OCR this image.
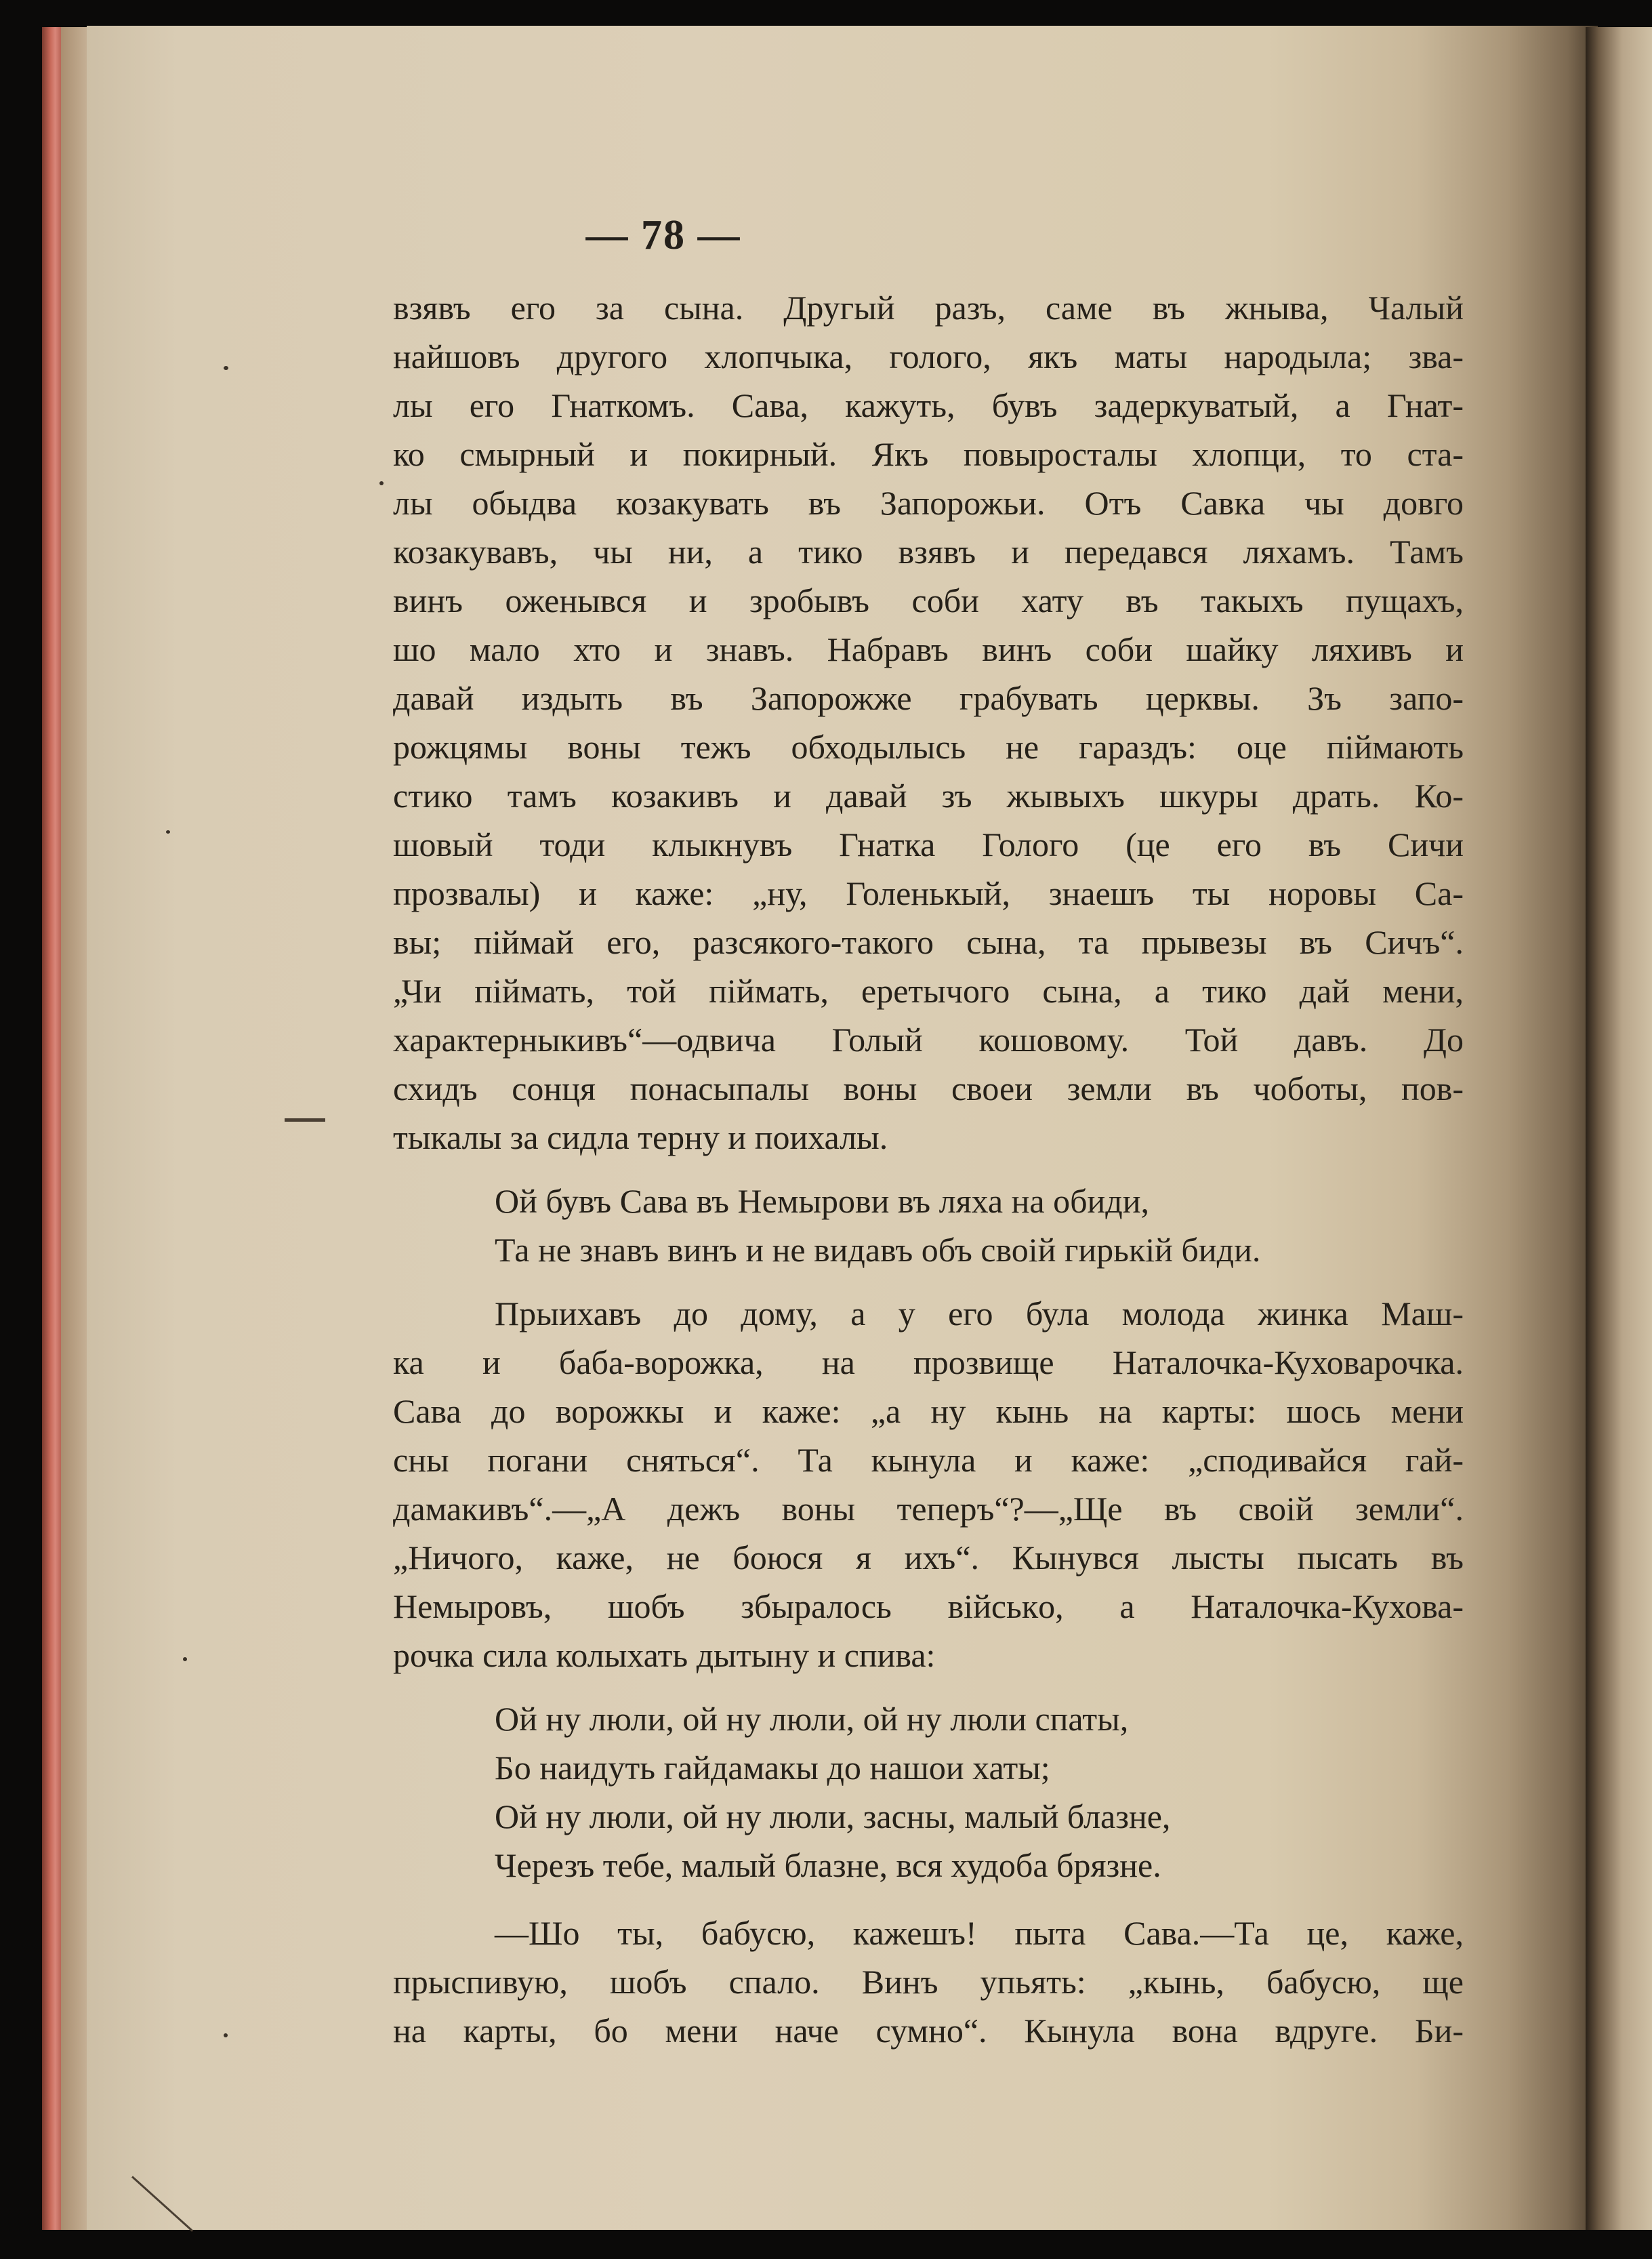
— 78 —
взявъ его за сына. Другый разъ, саме въ жныва, Чалый
найшовъ другого хлопчыка, голого, якъ маты народыла; зва-
лы его Гнаткомъ. Сава, кажуть, бувъ задеркуватый, а Гнат-
ко смырный и покирный. Якъ повыросталы хлопци, то ста-
лы обыдва козакувать въ Запорожьи. Отъ Савка чы довго
козакувавъ, чы ни, а тико взявъ и передався ляхамъ. Тамъ
винъ оженывся и зробывъ соби хату въ такыхъ пущахъ,
шо мало хто и знавъ. Набравъ винъ соби шайку ляхивъ и
давай издыть въ Запорожже грабувать церквы. Зъ запо-
рожцямы воны тежъ обходылысь не гараздъ: оце піймають
стико тамъ козакивъ и давай зъ жывыхъ шкуры драть. Ко-
шовый тоди клыкнувъ Гнатка Голого (це его въ Сичи
прозвалы) и каже: „ну, Голенькый, знаешъ ты норовы Са-
вы; піймай его, разсякого-такого сына, та прывезы въ Сичъ“.
„Чи піймать, той піймать, еретычого сына, а тико дай мени,
характерныкивъ“—одвича Голый кошовому. Той давъ. До
схидъ сонця понасыпалы воны своеи земли въ чоботы, пов-
тыкалы за сидла терну и поихалы.
Ой бувъ Сава въ Немырови въ ляха на обиди,
Та не знавъ винъ и не видавъ объ своій гирькій биди.
Прыихавъ до дому, а у его була молода жинка Маш-
ка и баба-ворожка, на прозвище Наталочка-Куховарочка.
Сава до ворожкы и каже: „а ну кынь на карты: шось мени
сны погани сняться“. Та кынула и каже: „сподивайся гай-
дамакивъ“.—„А дежъ воны теперъ“?—„Ще въ своій земли“.
„Ничого, каже, не боюся я ихъ“. Кынувся лысты пысать въ
Немыровъ, шобъ збыралось військo, а Наталочка-Кухова-
рочка сила колыхать дытыну и спива:
Ой ну люли, ой ну люли, ой ну люли спаты,
Бо наидуть гайдамакы до нашои хаты;
Ой ну люли, ой ну люли, засны, малый блазне,
Черезъ тебе, малый блазне, вся худоба брязне.
—Шо ты, бабусю, кажешъ! пыта Сава.—Та це, каже,
прыспивую, шобъ спало. Винъ упьять: „кынь, бабусю, ще
на карты, бо мени наче сумно“. Кынула вона вдруге. Би-
